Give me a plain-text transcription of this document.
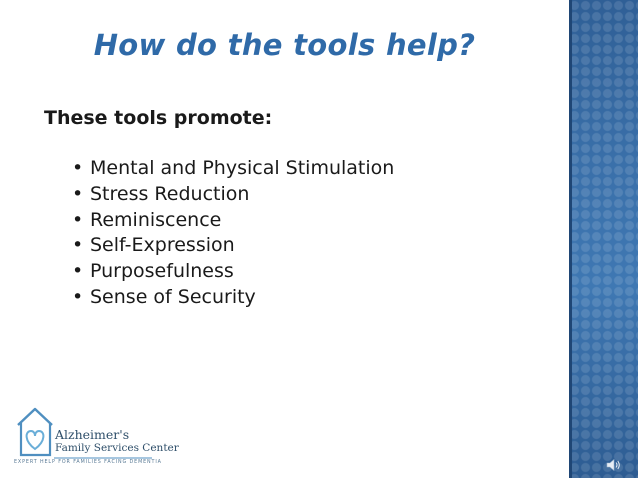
How do the tools help?
These tools promote:
• Mental and Physical Stimulation
• Stress Reduction
• Reminiscence
• Self-Expression
• Purposefulness
• Sense of Security
Alzheimer's
Family Services Center
EXPERT HELP FOR FAMILIES FACING DEMENTIA
